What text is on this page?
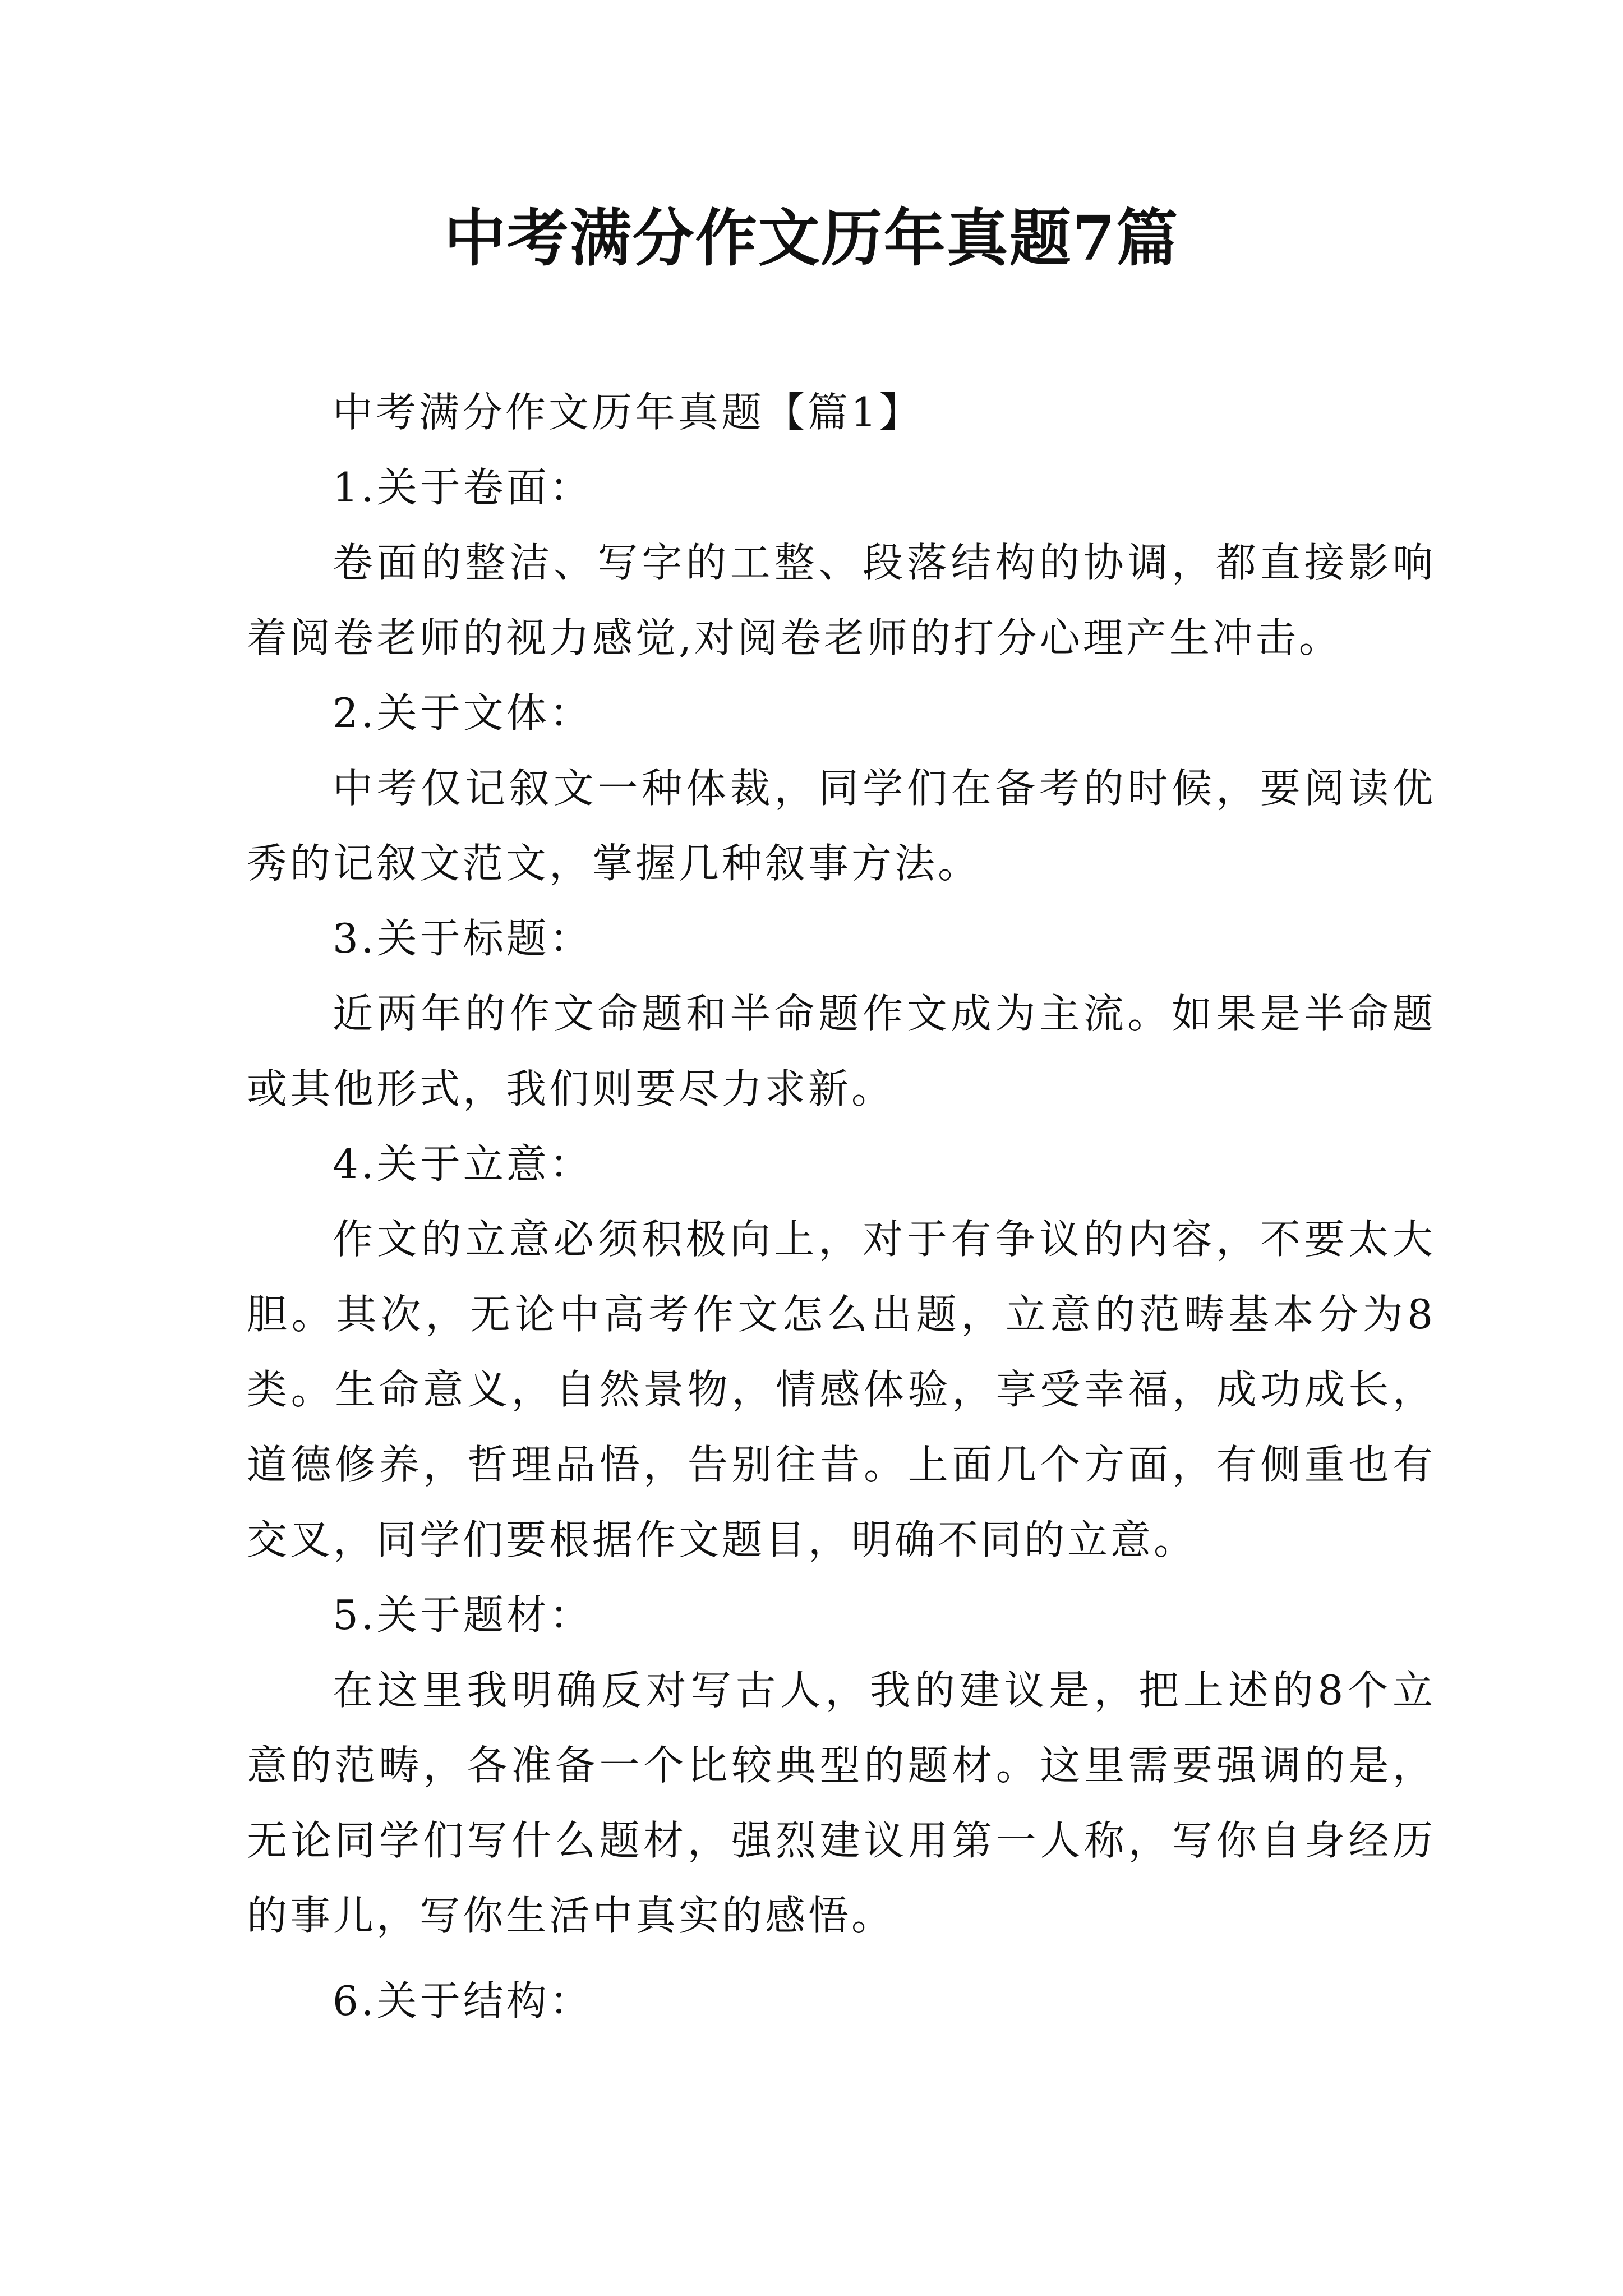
中考满分作文历年真题7篇

中考满分作文历年真题【篇1】

1.关于卷面：

卷面的整洁、写字的工整、段落结构的协调，都直接影响着阅卷老师的视力感觉,对阅卷老师的打分心理产生冲击。

2.关于文体：

中考仅记叙文一种体裁，同学们在备考的时候，要阅读优秀的记叙文范文，掌握几种叙事方法。

3.关于标题：

近两年的作文命题和半命题作文成为主流。如果是半命题或其他形式，我们则要尽力求新。

4.关于立意：

作文的立意必须积极向上，对于有争议的内容，不要太大胆。其次，无论中高考作文怎么出题，立意的范畴基本分为8类。生命意义，自然景物，情感体验，享受幸福，成功成长，道德修养，哲理品悟，告别往昔。上面几个方面，有侧重也有交叉，同学们要根据作文题目，明确不同的立意。

5.关于题材：

在这里我明确反对写古人，我的建议是，把上述的8个立意的范畴，各准备一个比较典型的题材。这里需要强调的是，无论同学们写什么题材，强烈建议用第一人称，写你自身经历的事儿，写你生活中真实的感悟。

6.关于结构：
